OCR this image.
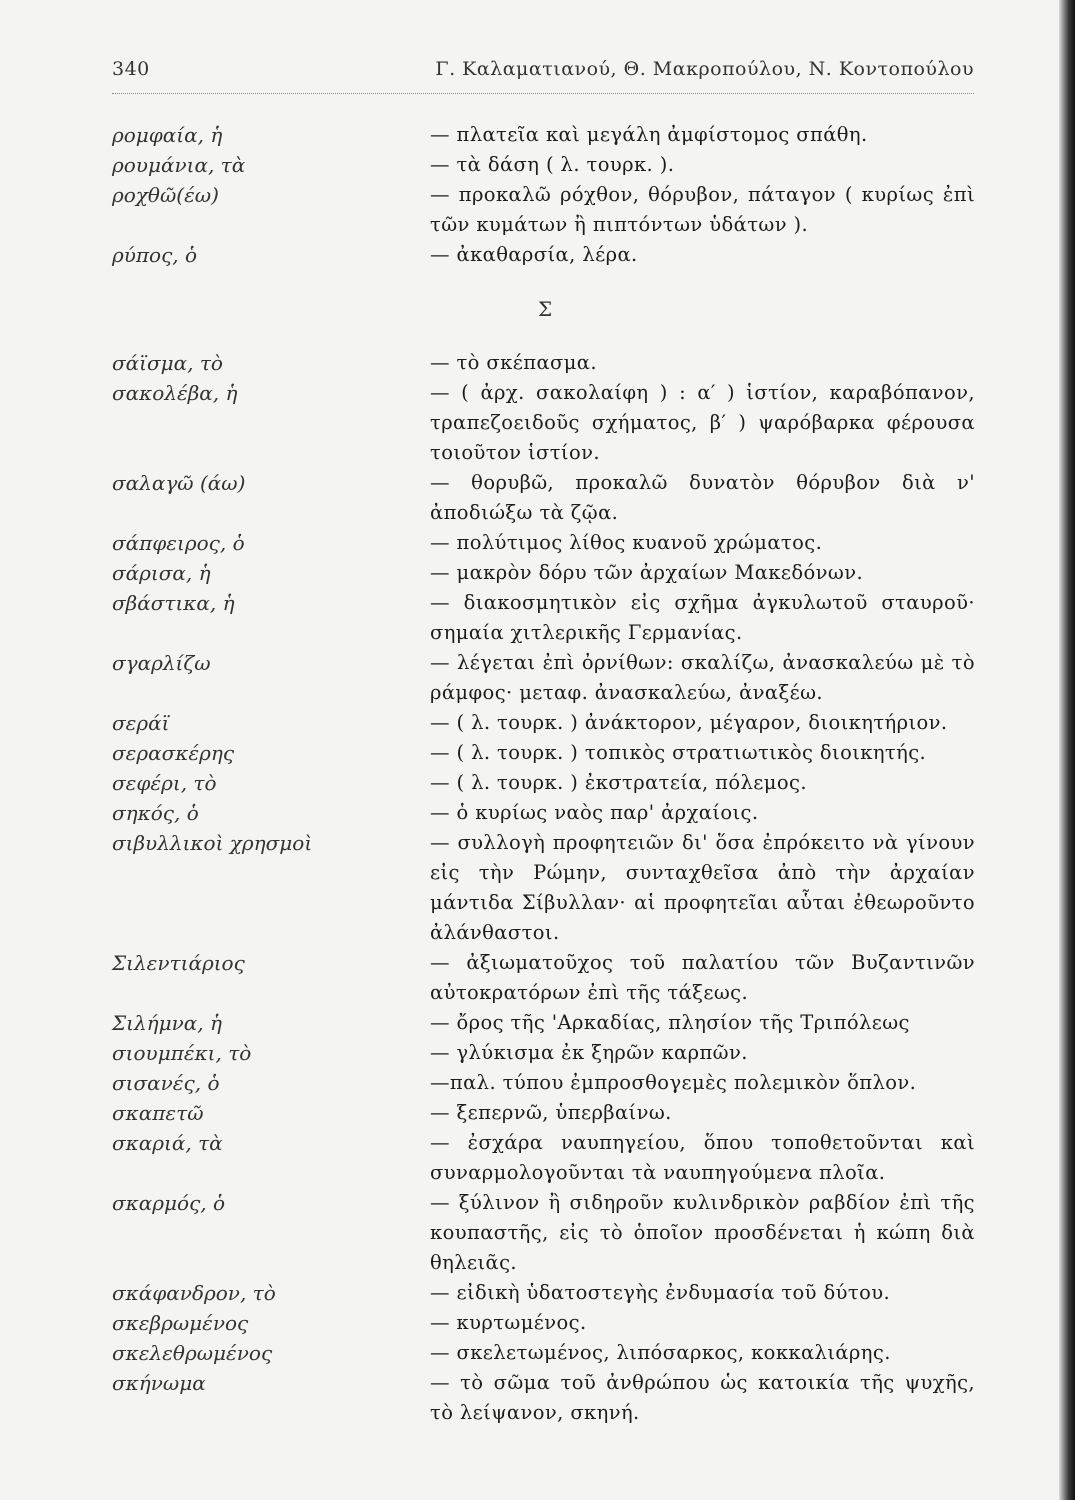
340	Γ. Καλαματιανού, Θ. Μακροπούλου, Ν. Κοντοπούλου
ρομφαία, ἡ	— πλατεῖα καὶ μεγάλη ἀμφίστομος σπάθη.
ρουμάνια, τὰ	— τὰ δάση ( λ. τουρκ. ).
ροχθῶ(έω)	— προκαλῶ ρόχθον, θόρυβον, πάταγον ( κυρίως ἐπὶ τῶν κυμάτων ἢ πιπτόντων ὑδάτων ).
ρύπος, ὁ	— ἀκαθαρσία, λέρα.
Σ
σάϊσμα, τὸ	— τὸ σκέπασμα.
σακολέβα, ἡ	— ( ἀρχ. σακολαίφη ) : α′ ) ἱστίον, καραβόπανον, τραπεζοειδοῦς σχήματος, β′ ) ψαρόβαρκα φέρουσα τοιοῦτον ἱστίον.
σαλαγῶ (άω)	— θορυβῶ, προκαλῶ δυνατὸν θόρυβον διὰ ν' ἀποδιώξω τὰ ζῷα.
σάπφειρος, ὁ	— πολύτιμος λίθος κυανοῦ χρώματος.
σάρισα, ἡ	— μακρὸν δόρυ τῶν ἀρχαίων Μακεδόνων.
σβάστικα, ἡ	— διακοσμητικὸν εἰς σχῆμα ἀγκυλωτοῦ σταυροῦ· σημαία χιτλερικῆς Γερμανίας.
σγαρλίζω	— λέγεται ἐπὶ ὀρνίθων: σκαλίζω, ἀνασκαλεύω μὲ τὸ ράμφος· μεταφ. ἀνασκαλεύω, ἀναξέω.
σεράϊ	— ( λ. τουρκ. ) ἀνάκτορον, μέγαρον, διοικητήριον.
σερασκέρης	— ( λ. τουρκ. ) τοπικὸς στρατιωτικὸς διοικητής.
σεφέρι, τὸ	— ( λ. τουρκ. ) ἐκστρατεία, πόλεμος.
σηκός, ὁ	— ὁ κυρίως ναὸς παρ' ἀρχαίοις.
σιβυλλικοὶ χρησμοὶ	— συλλογὴ προφητειῶν δι' ὅσα ἐπρόκειτο νὰ γίνουν εἰς τὴν Ρώμην, συνταχθεῖσα ἀπὸ τὴν ἀρχαίαν μάντιδα Σίβυλλαν· αἱ προφητεῖαι αὗται ἐθεωροῦντο ἀλάνθαστοι.
Σιλεντιάριος	— ἀξιωματοῦχος τοῦ παλατίου τῶν Βυζαντινῶν αὐτοκρατόρων ἐπὶ τῆς τάξεως.
Σιλήμνα, ἡ	— ὄρος τῆς 'Αρκαδίας, πλησίον τῆς Τριπόλεως
σιουμπέκι, τὸ	— γλύκισμα ἐκ ξηρῶν καρπῶν.
σισανές, ὁ	—παλ. τύπου ἐμπροσθογεμὲς πολεμικὸν ὅπλον.
σκαπετῶ	— ξεπερνῶ, ὑπερβαίνω.
σκαριά, τὰ	— ἐσχάρα ναυπηγείου, ὅπου τοποθετοῦνται καὶ συναρμολογοῦνται τὰ ναυπηγούμενα πλοῖα.
σκαρμός, ὁ	— ξύλινον ἢ σιδηροῦν κυλινδρικὸν ραβδίον ἐπὶ τῆς κουπαστῆς, εἰς τὸ ὁποῖον προσδένεται ἡ κώπη διὰ θηλειᾶς.
σκάφανδρον, τὸ	— εἰδικὴ ὑδατοστεγὴς ἐνδυμασία τοῦ δύτου.
σκεβρωμένος	— κυρτωμένος.
σκελεθρωμένος	— σκελετωμένος, λιπόσαρκος, κοκκαλιάρης.
σκήνωμα	— τὸ σῶμα τοῦ ἀνθρώπου ὡς κατοικία τῆς ψυχῆς, τὸ λείψανον, σκηνή.
